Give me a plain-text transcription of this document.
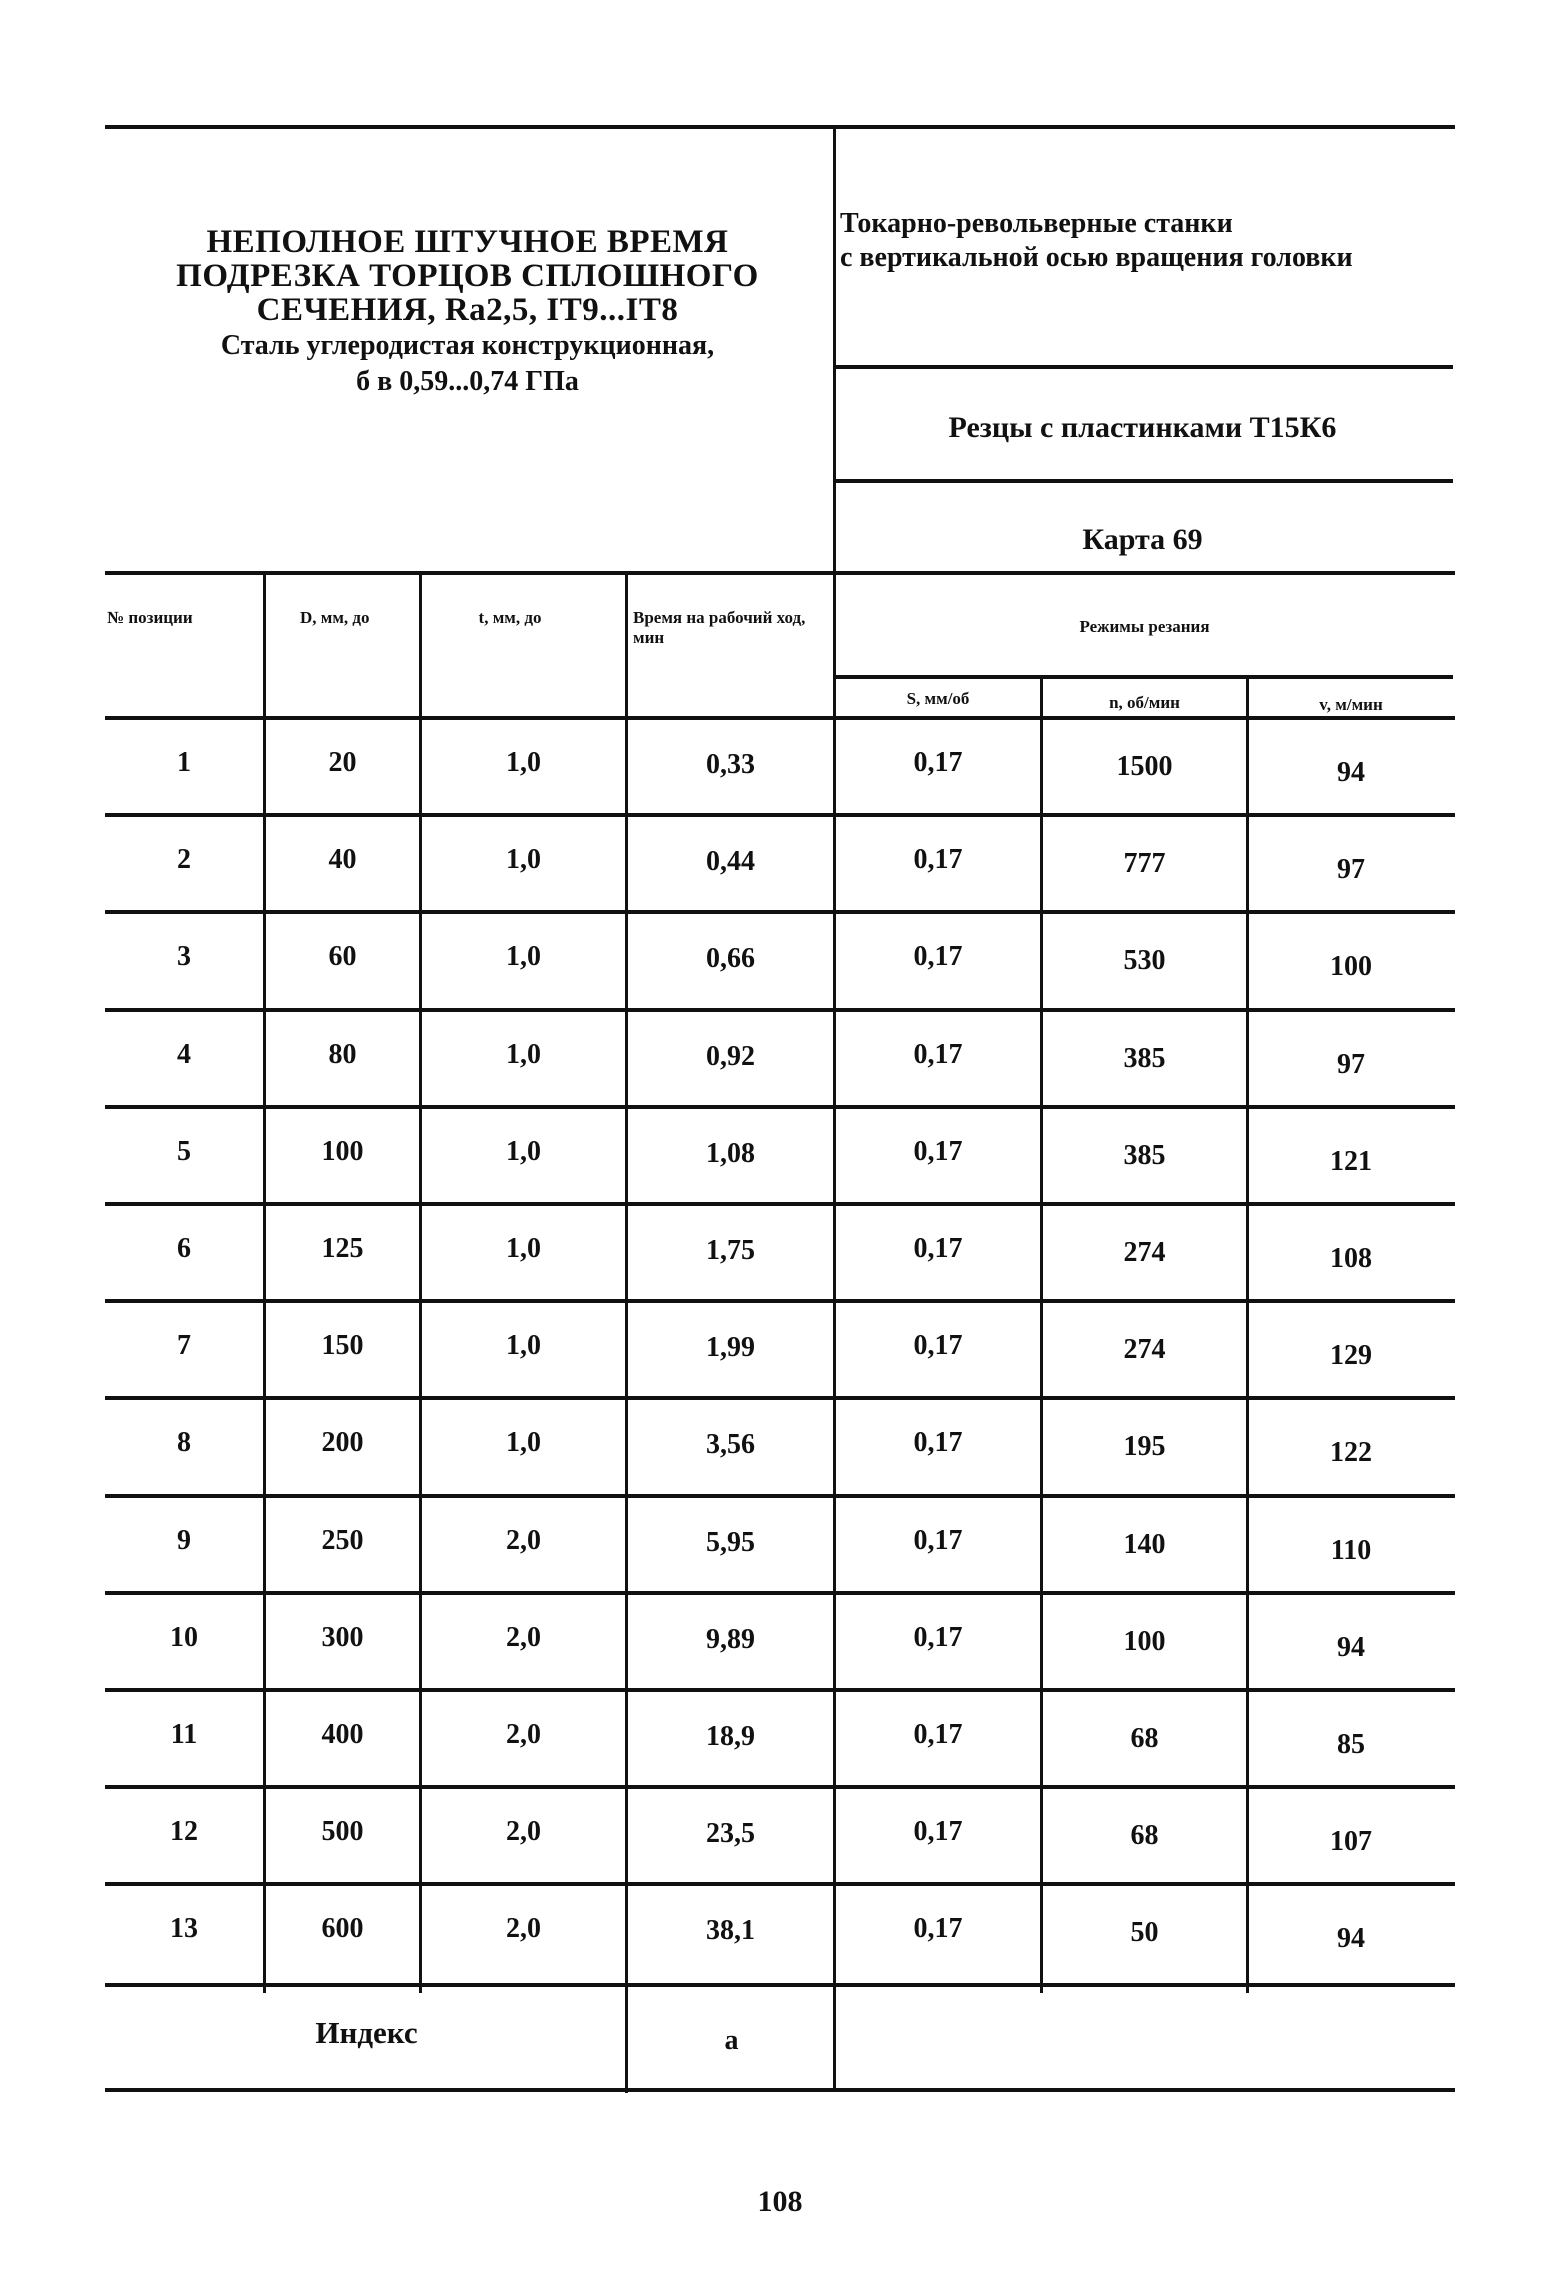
НЕПОЛНОЕ ШТУЧНОЕ ВРЕМЯ
ПОДРЕЗКА ТОРЦОВ СПЛОШНОГО
СЕЧЕНИЯ, Ra2,5, IT9...IT8
Сталь углеродистая конструкционная,
б в 0,59...0,74 ГПа
Токарно-револьверные станки
с вертикальной осью вращения головки
Резцы с пластинками Т15К6
Карта 69
№ позиции	D, мм, до	t, мм, до	Время на рабочий ход, мин
Режимы резания
S, мм/об	n, об/мин	v, м/мин
1	20	1,0	0,33	0,17	1500	94
2	40	1,0	0,44	0,17	777	97
3	60	1,0	0,66	0,17	530	100
4	80	1,0	0,92	0,17	385	97
5	100	1,0	1,08	0,17	385	121
6	125	1,0	1,75	0,17	274	108
7	150	1,0	1,99	0,17	274	129
8	200	1,0	3,56	0,17	195	122
9	250	2,0	5,95	0,17	140	110
10	300	2,0	9,89	0,17	100	94
11	400	2,0	18,9	0,17	68	85
12	500	2,0	23,5	0,17	68	107
13	600	2,0	38,1	0,17	50	94
Индекс	а
108
